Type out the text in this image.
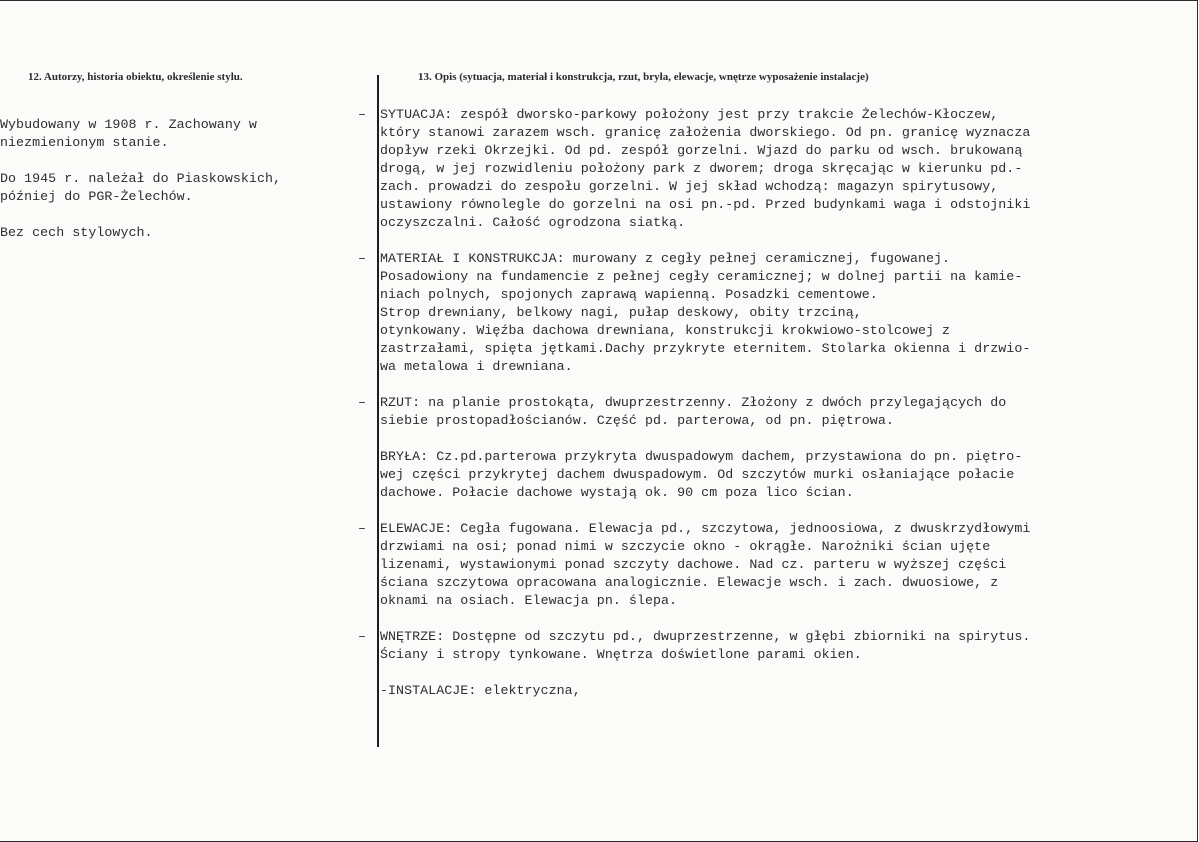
12. Autorzy, historia obiektu, określenie stylu.	13. Opis (sytuacja, materiał i konstrukcja, rzut, bryła, elewacje, wnętrze wyposażenie instalacje)
Wybudowany w 1908 r. Zachowany w
niezmienionym stanie.
Do 1945 r. należał do Piaskowskich,
później do PGR-Żelechów.
Bez cech stylowych.
– SYTUACJA: zespół dworsko-parkowy położony jest przy trakcie Żelechów-Kłoczew,
który stanowi zarazem wsch. granicę założenia dworskiego. Od pn. granicę wyznacza
dopływ rzeki Okrzejki. Od pd. zespół gorzelni. Wjazd do parku od wsch. brukowaną
drogą, w jej rozwidleniu położony park z dworem; droga skręcając w kierunku pd.-
zach. prowadzi do zespołu gorzelni. W jej skład wchodzą: magazyn spirytusowy,
ustawiony równolegle do gorzelni na osi pn.-pd. Przed budynkami waga i odstojniki
oczyszczalni. Całość ogrodzona siatką.
– MATERIAŁ I KONSTRUKCJA: murowany z cegły pełnej ceramicznej, fugowanej.
Posadowiony na fundamencie z pełnej cegły ceramicznej; w dolnej partii na kamie-
niach polnych, spojonych zaprawą wapienną. Posadzki cementowe.
Strop drewniany, belkowy nagi, pułap deskowy, obity trzciną,
otynkowany. Więźba dachowa drewniana, konstrukcji krokwiowo-stolcowej z
zastrzałami, spięta jętkami.Dachy przykryte eternitem. Stolarka okienna i drzwio-
wa metalowa i drewniana.
– RZUT: na planie prostokąta, dwuprzestrzenny. Złożony z dwóch przylegających do
siebie prostopadłościanów. Część pd. parterowa, od pn. piętrowa.
BRYŁA: Cz.pd.parterowa przykryta dwuspadowym dachem, przystawiona do pn. piętro-
wej części przykrytej dachem dwuspadowym. Od szczytów murki osłaniające połacie
dachowe. Połacie dachowe wystają ok. 90 cm poza lico ścian.
– ELEWACJE: Cegła fugowana. Elewacja pd., szczytowa, jednoosiowa, z dwuskrzydłowymi
drzwiami na osi; ponad nimi w szczycie okno - okrągłe. Narożniki ścian ujęte
lizenami, wystawionymi ponad szczyty dachowe. Nad cz. parteru w wyższej części
ściana szczytowa opracowana analogicznie. Elewacje wsch. i zach. dwuosiowe, z
oknami na osiach. Elewacja pn. ślepa.
– WNĘTRZE: Dostępne od szczytu pd., dwuprzestrzenne, w głębi zbiorniki na spirytus.
Ściany i stropy tynkowane. Wnętrza doświetlone parami okien.
-INSTALACJE: elektryczna,
